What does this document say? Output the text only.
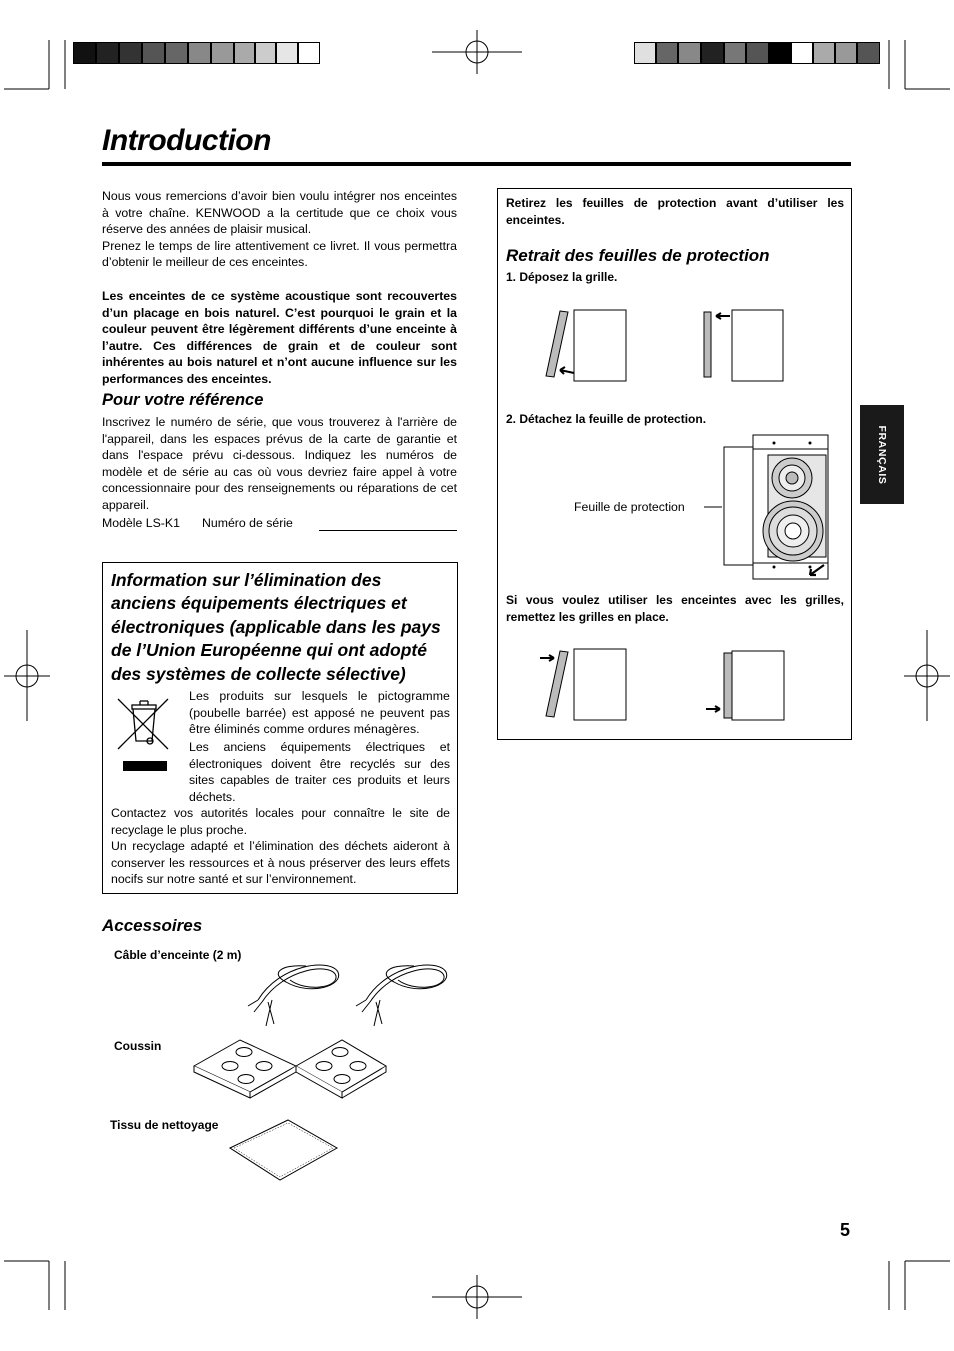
Introduction
Nous vous remercions d’avoir bien voulu intégrer nos enceintes à votre chaîne. KENWOOD a la certitude que ce choix vous réserve des années de plaisir musical.
Prenez le temps de lire attentivement ce livret. Il vous permettra d’obtenir le meilleur de ces enceintes.
Les enceintes de ce système acoustique sont recouvertes d’un placage en bois naturel. C’est pourquoi le grain et la couleur peuvent être légèrement différents d’une enceinte à l’autre. Ces différences de grain et de couleur sont inhérentes au bois naturel et n’ont aucune influence sur les performances des enceintes.
Pour votre référence
Inscrivez le numéro de série, que vous trouverez à l'arrière de l'appareil, dans les espaces prévus de la carte de garantie et dans l'espace prévu ci-dessous. Indiquez les numéros de modèle et de série au cas où vous devriez faire appel à votre concessionnaire pour des renseignements ou réparations de cet appareil.
Modèle LS-K1 Numéro de série
Information sur l’élimination des anciens équipements électriques et électroniques (applicable dans les pays de l’Union Européenne qui ont adopté des systèmes de collecte sélective)
Les produits sur lesquels le pictogramme (poubelle barrée) est apposé ne peuvent pas être éliminés comme ordures ménagères.
Les anciens équipements électriques et électroniques doivent être recyclés sur des sites capables de traiter ces produits et leurs déchets.
Contactez vos autorités locales pour connaître le site de recyclage le plus proche.
Un recyclage adapté et l’élimination des déchets aideront à conserver les ressources et à nous préserver des leurs effets nocifs sur notre santé et sur l’environnement.
Accessoires
Câble d’enceinte (2 m)
Coussin
Tissu de nettoyage
Retirez les feuilles de protection avant d’utiliser les enceintes.
Retrait des feuilles de protection
1. Déposez la grille.
2. Détachez la feuille de protection.
Feuille de protection
Si vous voulez utiliser les enceintes avec les grilles, remettez les grilles en place.
FRANÇAIS
5
